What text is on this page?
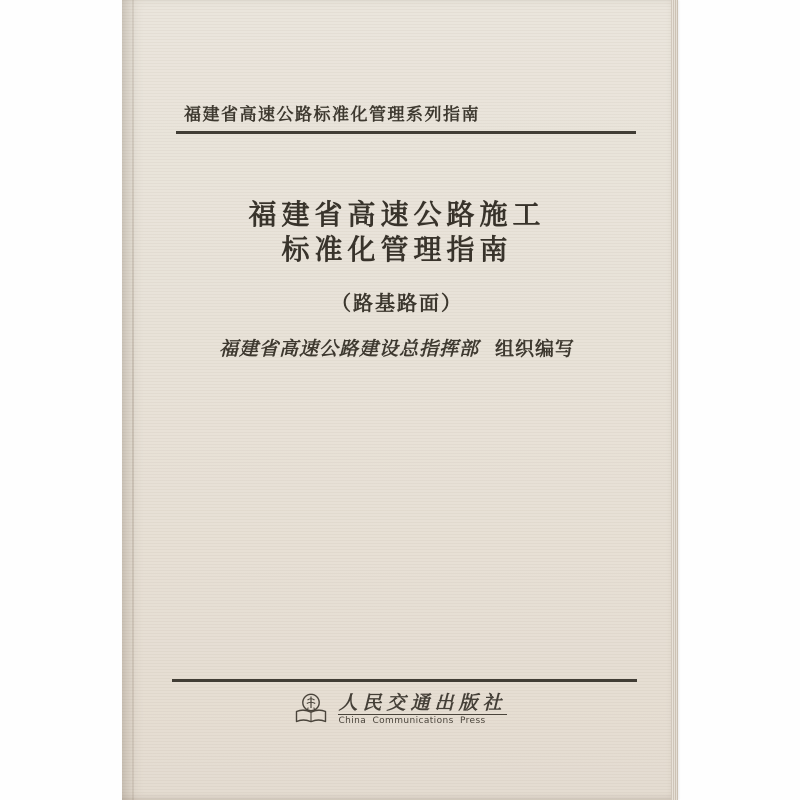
福建省高速公路标准化管理系列指南
福建省高速公路施工
标准化管理指南
（路基路面）
福建省高速公路建设总指挥部 组织编写
人民交通出版社
China Communications Press
